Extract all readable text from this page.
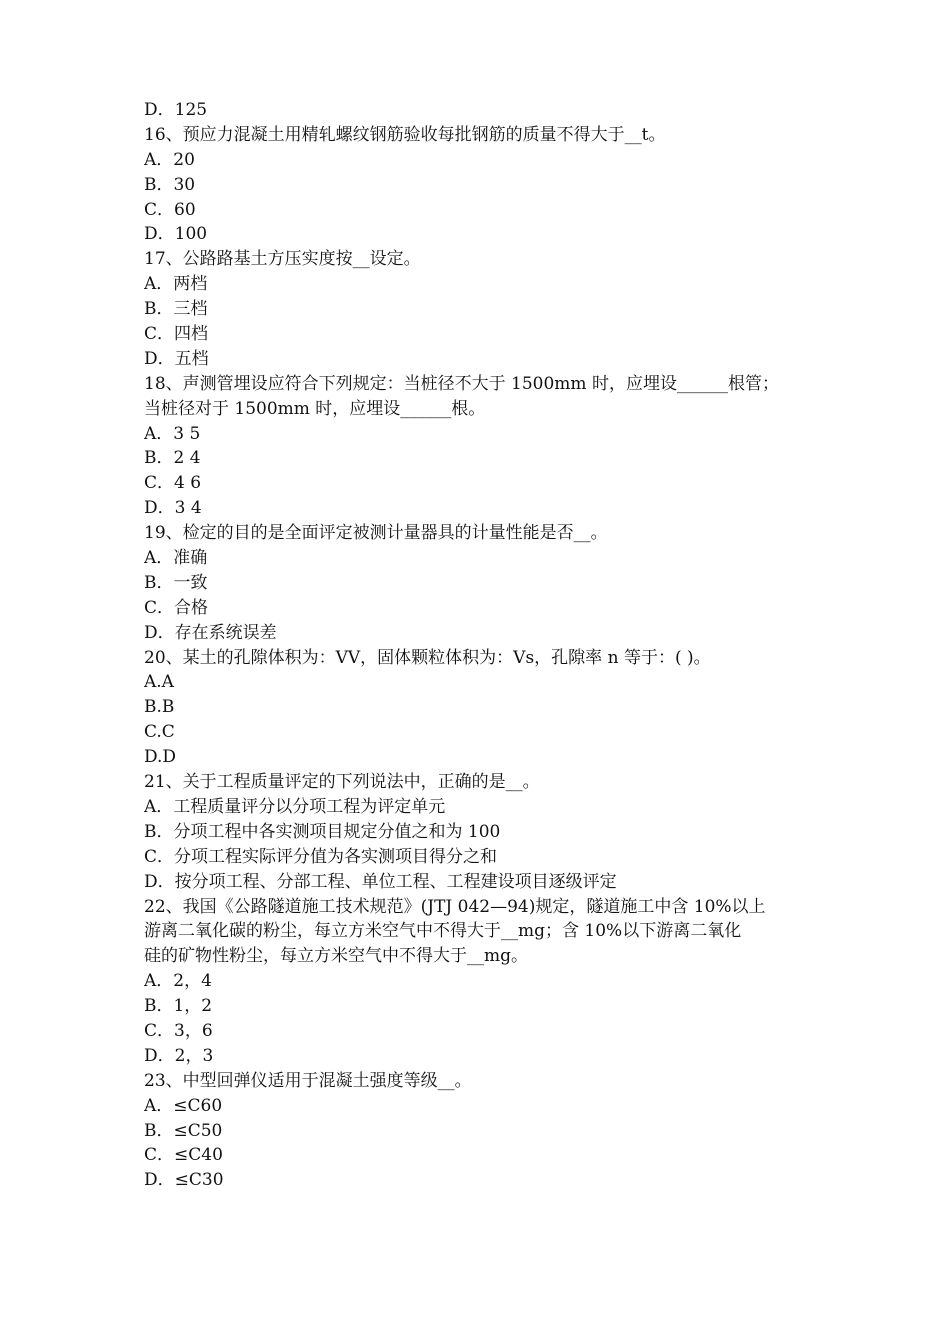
D．125
16、预应力混凝土用精轧螺纹钢筋验收每批钢筋的质量不得大于__t。
A．20
B．30
C．60
D．100
17、公路路基土方压实度按__设定。
A．两档
B．三档
C．四档
D．五档
18、声测管埋设应符合下列规定：当桩径不大于 1500mm 时，应埋设______根管；
当桩径对于 1500mm 时，应埋设______根。
A．3 5
B．2 4
C．4 6
D．3 4
19、检定的目的是全面评定被测计量器具的计量性能是否__。
A．准确
B．一致
C．合格
D．存在系统误差
20、某土的孔隙体积为：VV，固体颗粒体积为：Vs，孔隙率 n 等于：( )。
A.A
B.B
C.C
D.D
21、关于工程质量评定的下列说法中，正确的是__。
A．工程质量评分以分项工程为评定单元
B．分项工程中各实测项目规定分值之和为 100
C．分项工程实际评分值为各实测项目得分之和
D．按分项工程、分部工程、单位工程、工程建设项目逐级评定
22、我国《公路隧道施工技术规范》(JTJ 042—94)规定，隧道施工中含 10%以上
游离二氧化碳的粉尘，每立方米空气中不得大于__mg；含 10%以下游离二氧化
硅的矿物性粉尘，每立方米空气中不得大于__mg。
A．2，4
B．1，2
C．3，6
D．2，3
23、中型回弹仪适用于混凝土强度等级__。
A．≤C60
B．≤C50
C．≤C40
D．≤C30
